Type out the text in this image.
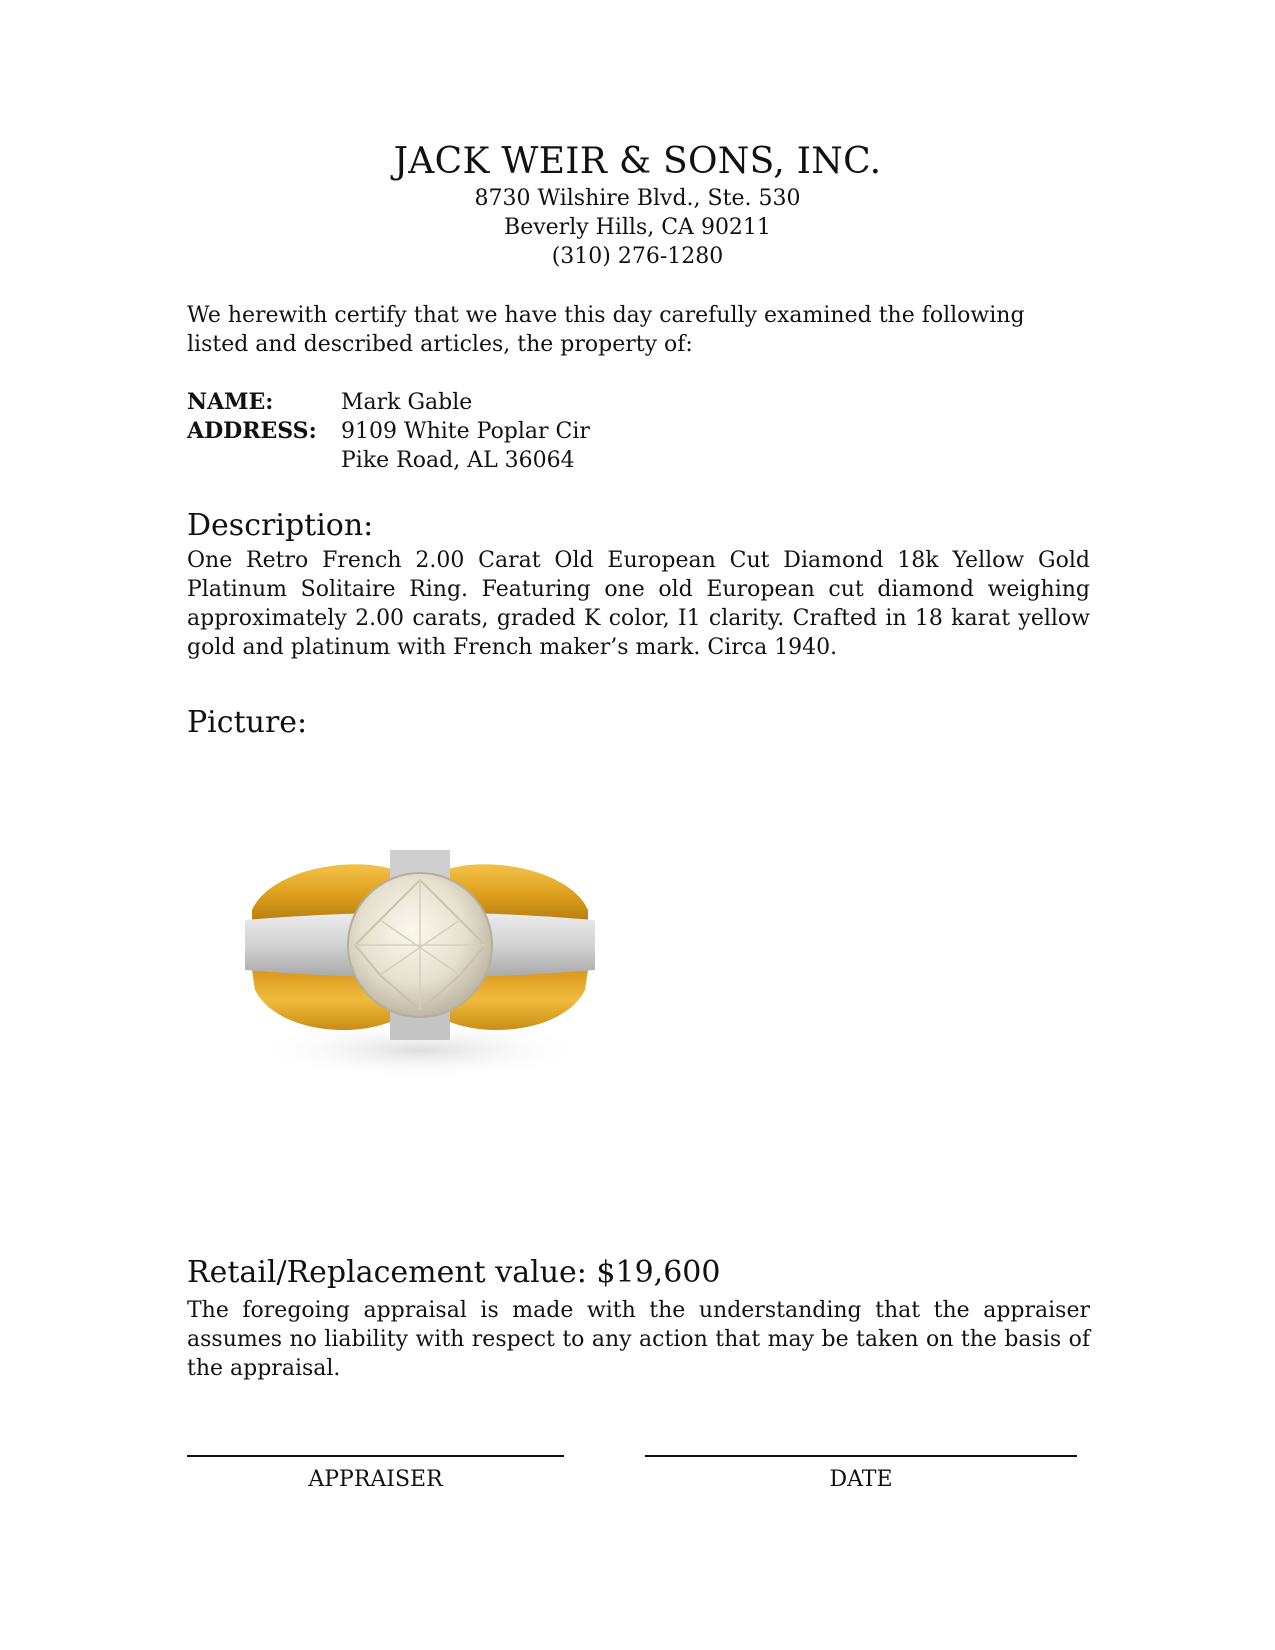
JACK WEIR & SONS, INC.
8730 Wilshire Blvd., Ste. 530
Beverly Hills, CA 90211
(310) 276-1280
We herewith certify that we have this day carefully examined the following listed and described articles, the property of:
NAME:	Mark Gable
ADDRESS:	9109 White Poplar Cir
Pike Road, AL 36064
Description:
One Retro French 2.00 Carat Old European Cut Diamond 18k Yellow Gold Platinum Solitaire Ring. Featuring one old European cut diamond weighing approximately 2.00 carats, graded K color, I1 clarity. Crafted in 18 karat yellow gold and platinum with French maker’s mark. Circa 1940.
Picture:
Retail/Replacement value: $19,600
The foregoing appraisal is made with the understanding that the appraiser assumes no liability with respect to any action that may be taken on the basis of the appraisal.
APPRAISER	DATE
